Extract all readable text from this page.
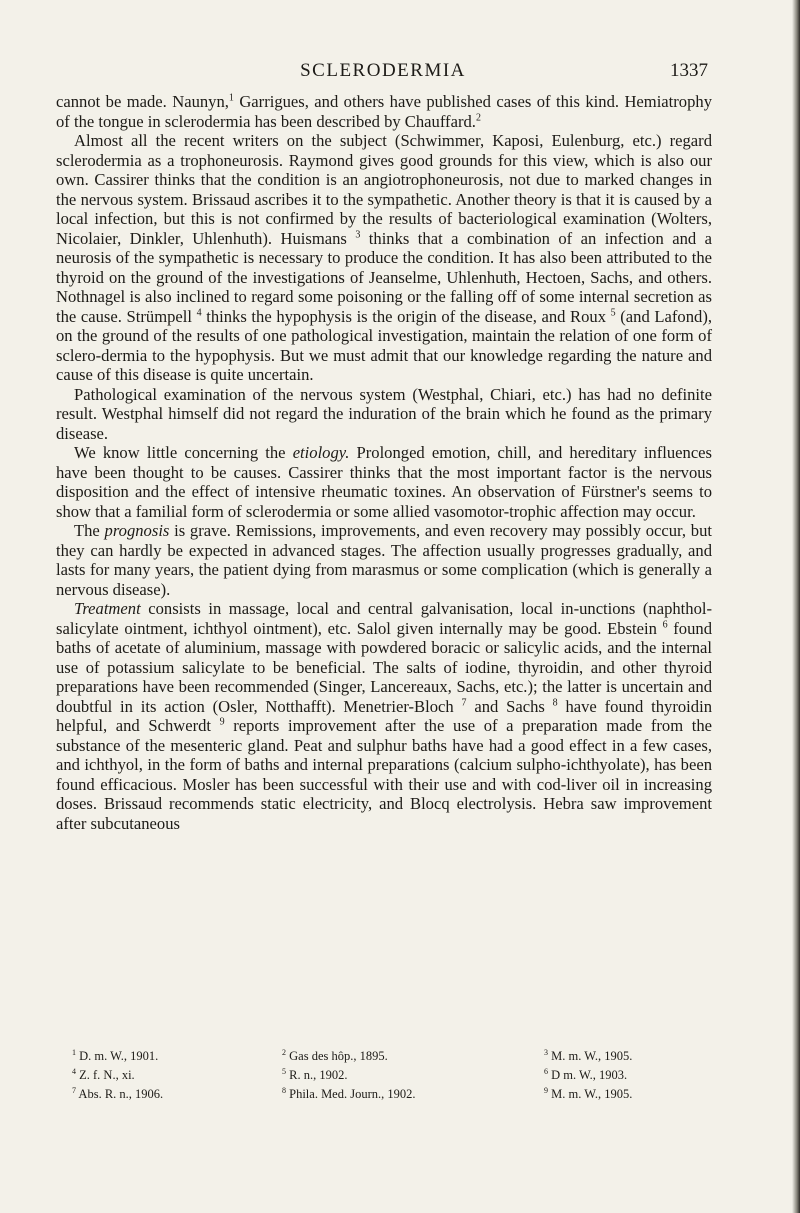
SCLERODERMIA	1337

cannot be made. Naunyn,$^1$ Garrigues, and others have published cases of this kind. Hemiatrophy of the tongue in sclerodermia has been described by Chauffard.$^2$

Almost all the recent writers on the subject (Schwimmer, Kaposi, Eulenburg, etc.) regard sclerodermia as a trophoneurosis. Raymond gives good grounds for this view, which is also our own. Cassirer thinks that the condition is an angiotrophoneurosis, not due to marked changes in the nervous system. Brissaud ascribes it to the sympathetic. Another theory is that it is caused by a local infection, but this is not confirmed by the results of bacteriological examination (Wolters, Nicolaier, Dinkler, Uhlenhuth). Huismans $^3$ thinks that a combination of an infection and a neurosis of the sympathetic is necessary to produce the condition. It has also been attributed to the thyroid on the ground of the investigations of Jeanselme, Uhlenhuth, Hectoen, Sachs, and others. Nothnagel is also inclined to regard some poisoning or the falling off of some internal secretion as the cause. Strümpell $^4$ thinks the hypophysis is the origin of the disease, and Roux $^5$ (and Lafond), on the ground of the results of one pathological investigation, maintain the relation of one form of sclero-dermia to the hypophysis. But we must admit that our knowledge regarding the nature and cause of this disease is quite uncertain.

Pathological examination of the nervous system (Westphal, Chiari, etc.) has had no definite result. Westphal himself did not regard the induration of the brain which he found as the primary disease.

We know little concerning the etiology. Prolonged emotion, chill, and hereditary influences have been thought to be causes. Cassirer thinks that the most important factor is the nervous disposition and the effect of intensive rheumatic toxines. An observation of Fürstner's seems to show that a familial form of sclerodermia or some allied vasomotor-trophic affection may occur.

The prognosis is grave. Remissions, improvements, and even recovery may possibly occur, but they can hardly be expected in advanced stages. The affection usually progresses gradually, and lasts for many years, the patient dying from marasmus or some complication (which is generally a nervous disease).

Treatment consists in massage, local and central galvanisation, local in-unctions (naphthol-salicylate ointment, ichthyol ointment), etc. Salol given internally may be good. Ebstein $^6$ found baths of acetate of aluminium, massage with powdered boracic or salicylic acids, and the internal use of potassium salicylate to be beneficial. The salts of iodine, thyroidin, and other thyroid preparations have been recommended (Singer, Lancereaux, Sachs, etc.); the latter is uncertain and doubtful in its action (Osler, Notthafft). Menetrier-Bloch $^7$ and Sachs $^8$ have found thyroidin helpful, and Schwerdt $^9$ reports improvement after the use of a preparation made from the substance of the mesenteric gland. Peat and sulphur baths have had a good effect in a few cases, and ichthyol, in the form of baths and internal preparations (calcium sulpho-ichthyolate), has been found efficacious. Mosler has been successful with their use and with cod-liver oil in increasing doses. Brissaud recommends static electricity, and Blocq electrolysis. Hebra saw improvement after subcutaneous

$^1$ D. m. W., 1901.	$^2$ Gas des hôp., 1895.	$^3$ M. m. W., 1905.
$^4$ Z. f. N., xi.	$^5$ R. n., 1902.	$^6$ D m. W., 1903.
$^7$ Abs. R. n., 1906.	$^8$ Phila. Med. Journ., 1902.	$^9$ M. m. W., 1905.
